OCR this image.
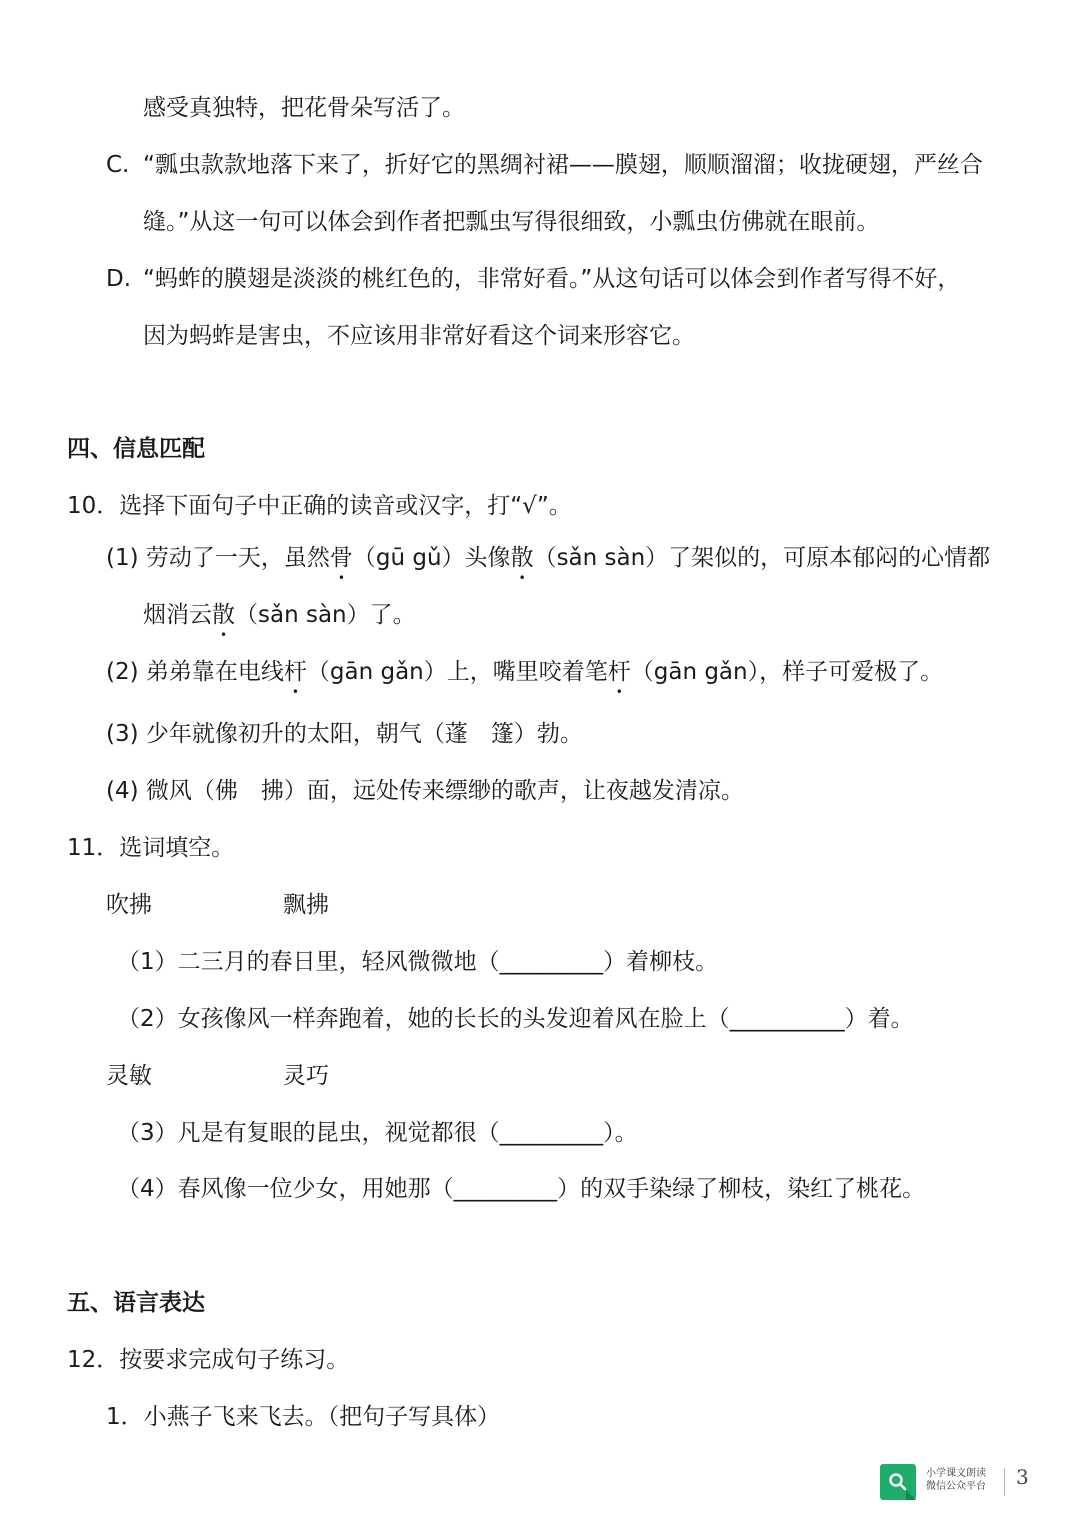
感受真独特，把花骨朵写活了。
C. “瓢虫款款地落下来了，折好它的黑绸衬裙——膜翅，顺顺溜溜；收拢硬翅，严丝合
缝。”从这一句可以体会到作者把瓢虫写得很细致，小瓢虫仿佛就在眼前。
D. “蚂蚱的膜翅是淡淡的桃红色的，非常好看。”从这句话可以体会到作者写得不好，
因为蚂蚱是害虫，不应该用非常好看这个词来形容它。
四、信息匹配
10．选择下面句子中正确的读音或汉字，打“√”。
(1) 劳动了一天，虽然骨（gū gǔ）头像散（sǎn sàn）了架似的，可原本郁闷的心情都
烟消云散（sǎn sàn）了。
(2) 弟弟靠在电线杆（gān gǎn）上，嘴里咬着笔杆（gān gǎn），样子可爱极了。
(3) 少年就像初升的太阳，朝气（蓬　篷）勃。
(4) 微风（佛　拂）面，远处传来缥缈的歌声，让夜越发清凉。
11．选词填空。
吹拂	飘拂
（1）二三月的春日里，轻风微微地（_________）着柳枝。
（2）女孩像风一样奔跑着，她的长长的头发迎着风在脸上（__________）着。
灵敏	灵巧
（3）凡是有复眼的昆虫，视觉都很（_________）。
（4）春风像一位少女，用她那（_________）的双手染绿了柳枝，染红了桃花。
五、语言表达
12．按要求完成句子练习。
1．小燕子飞来飞去。（把句子写具体）
小学课文朗读
微信公众平台 3
